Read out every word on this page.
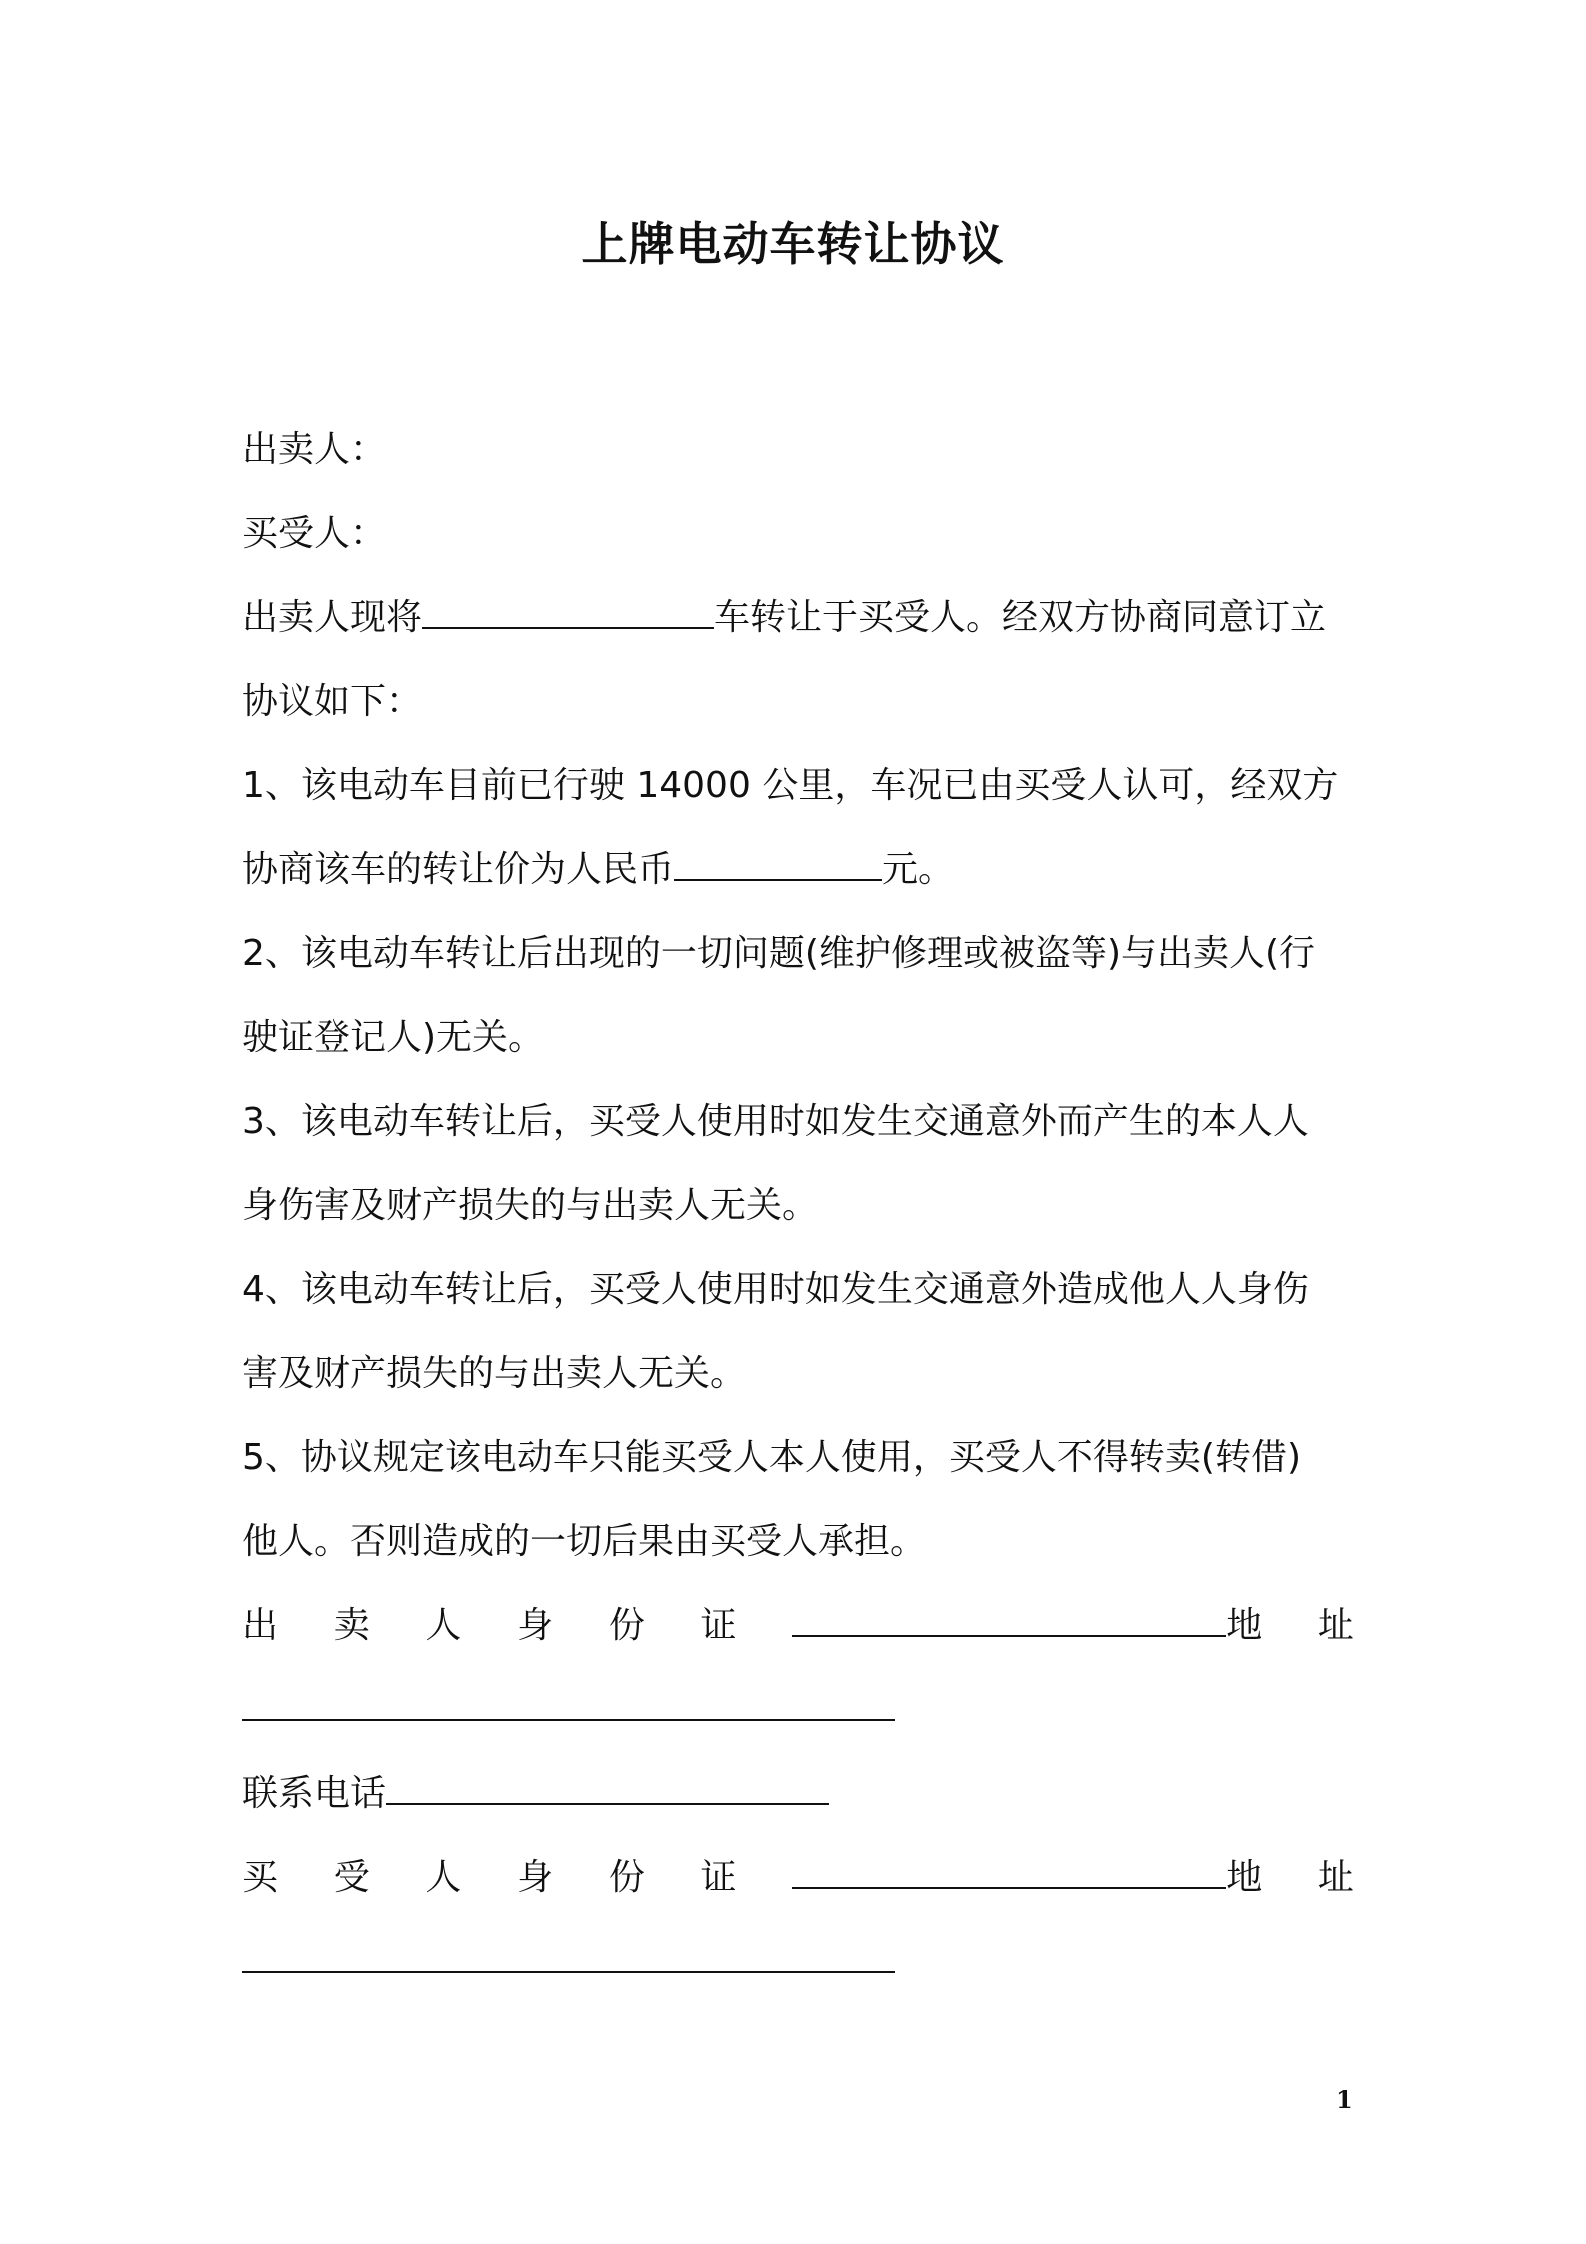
上牌电动车转让协议
出卖人：
买受人：
出卖人现将	车转让于买受人。经双方协商同意订立
协议如下：
1、该电动车目前已行驶 14000 公里，车况已由买受人认可，经双方
协商该车的转让价为人民币	元。
2、该电动车转让后出现的一切问题(维护修理或被盗等)与出卖人(行
驶证登记人)无关。
3、该电动车转让后，买受人使用时如发生交通意外而产生的本人人
身伤害及财产损失的与出卖人无关。
4、该电动车转让后，买受人使用时如发生交通意外造成他人人身伤
害及财产损失的与出卖人无关。
5、协议规定该电动车只能买受人本人使用，买受人不得转卖(转借)
他人。否则造成的一切后果由买受人承担。
出 卖 人 身 份 证	地 址
联系电话
买 受 人 身 份 证	地 址
1
